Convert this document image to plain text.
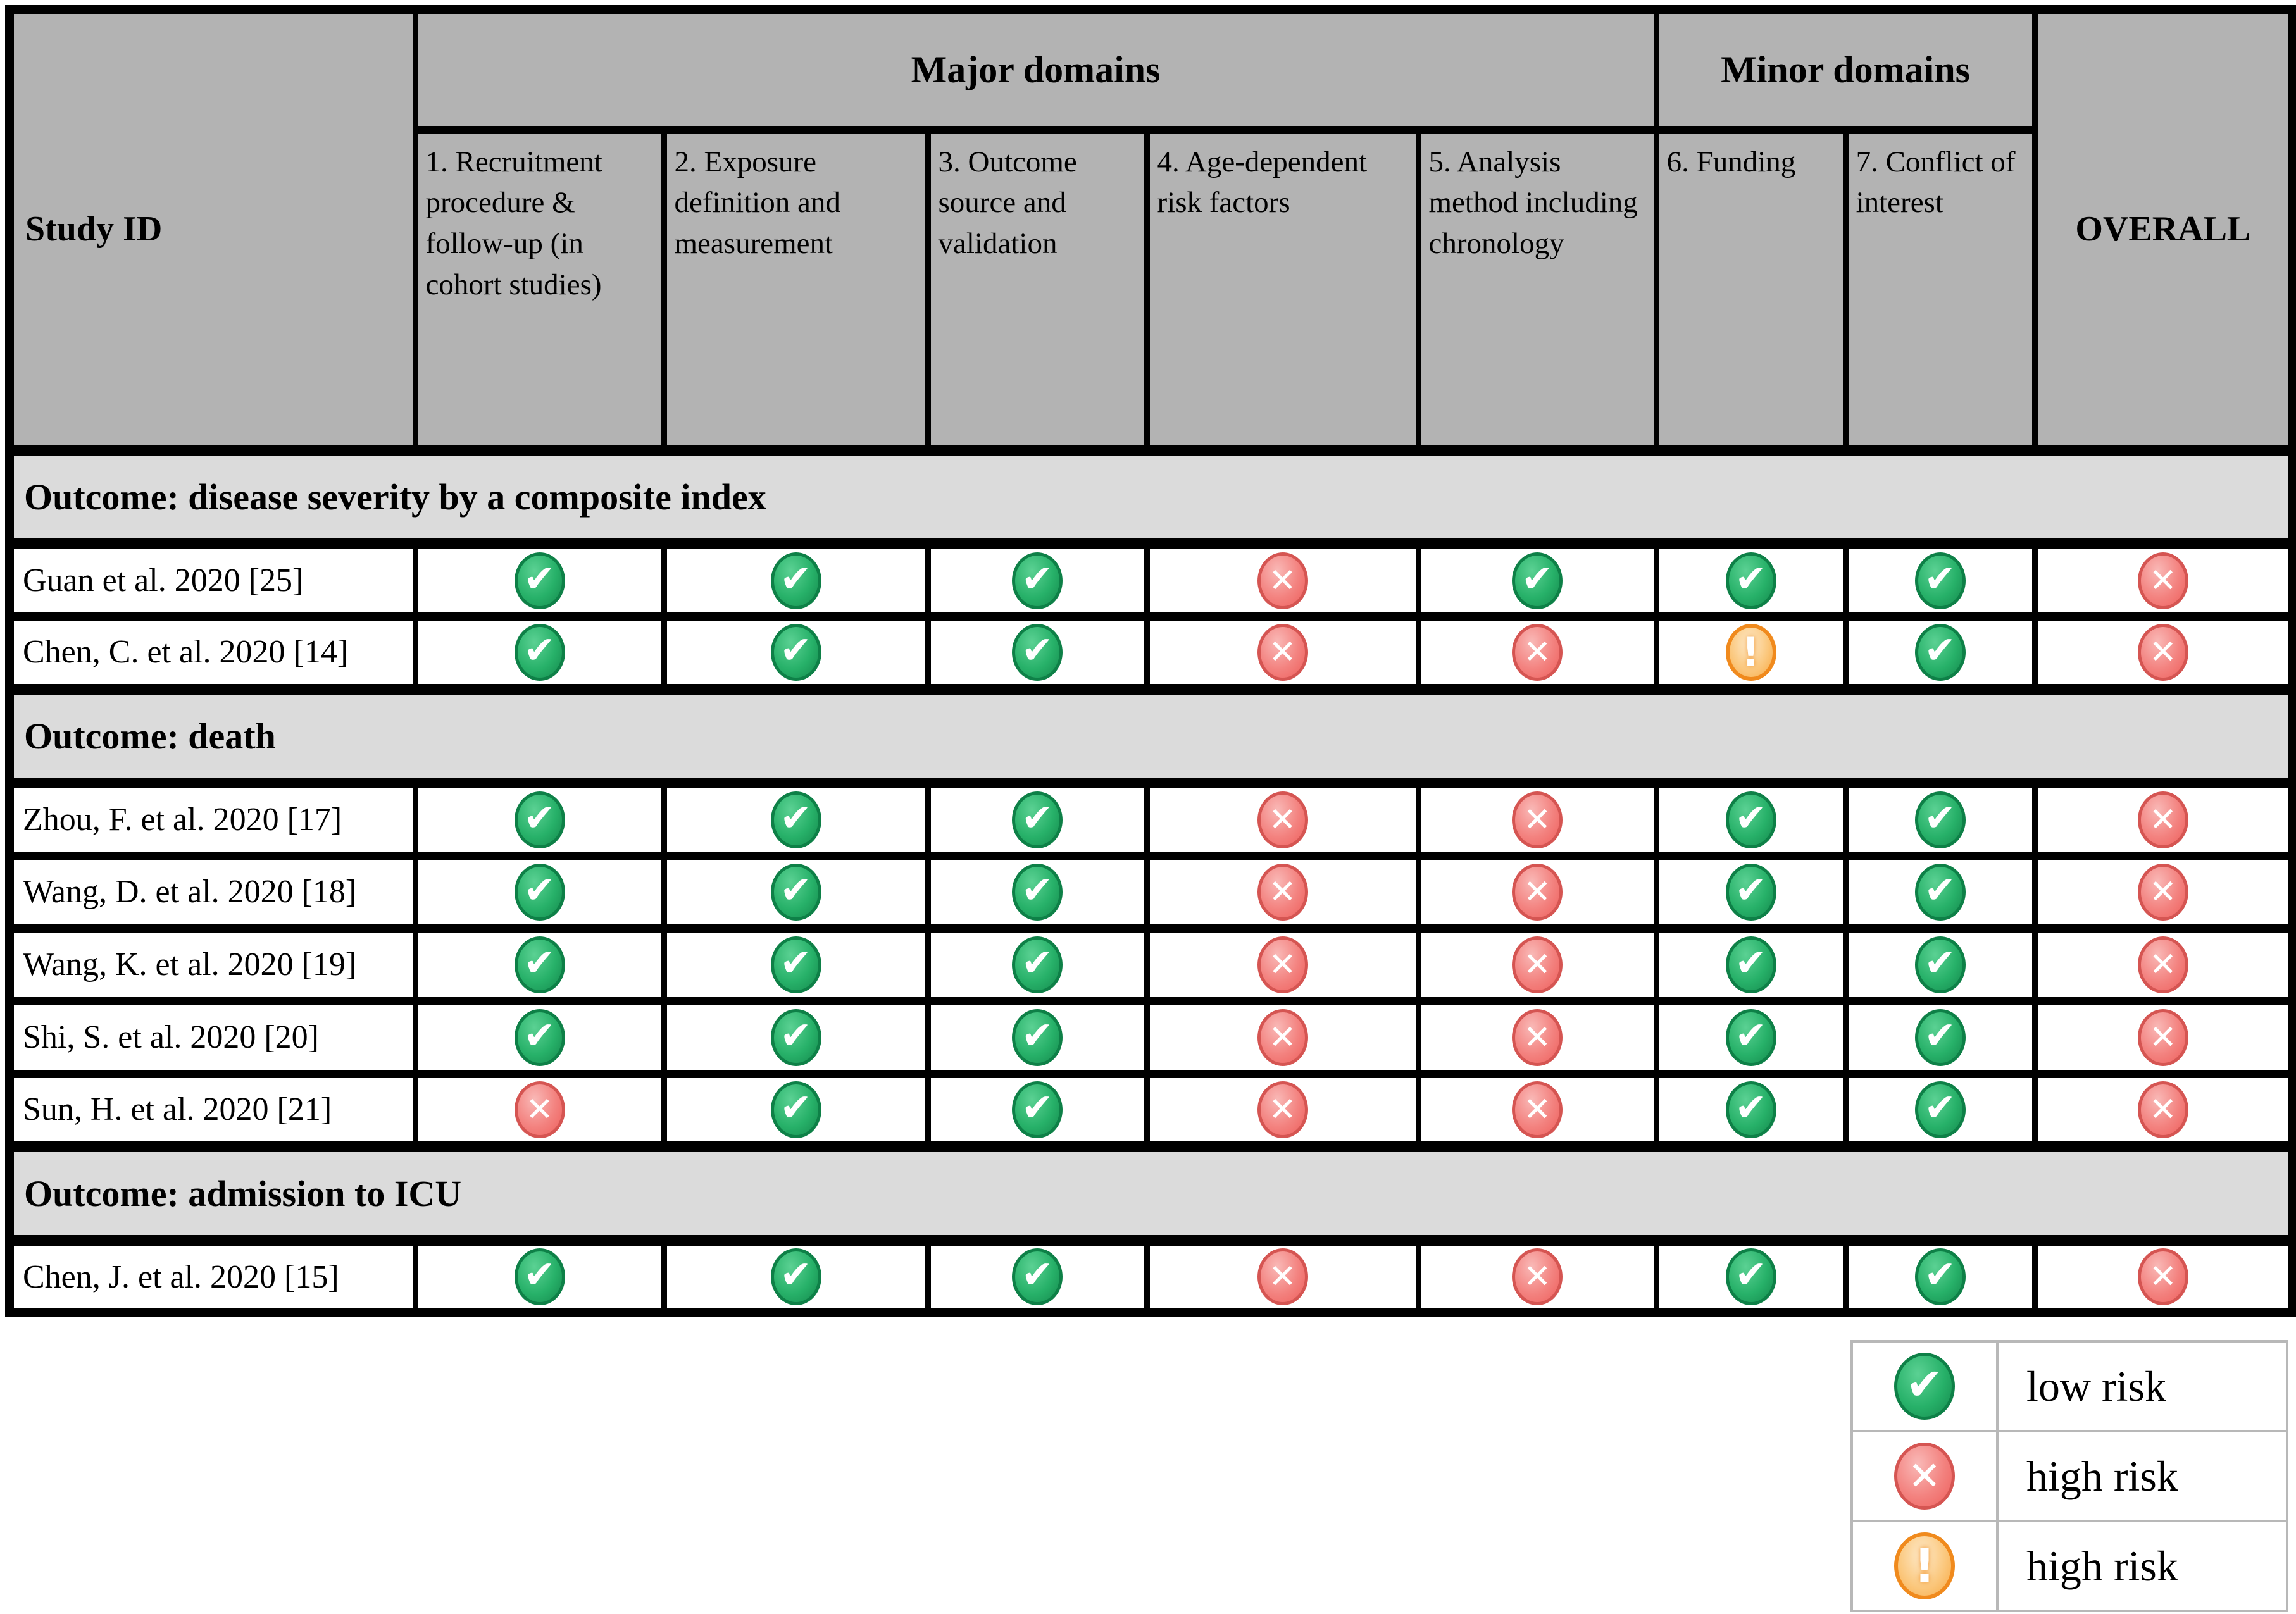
Study ID	Major domains					Minor domains		OVERALL
	1. Recruitment procedure & follow-up (in cohort studies)	2. Exposure definition and measurement	3. Outcome source and validation	4. Age-dependent risk factors	5. Analysis method including chronology	6. Funding	7. Conflict of interest	
Outcome: disease severity by a composite index								
Guan et al. 2020 [25]	✔	✔	✔	✕	✔	✔	✔	✕

Chen, C. et al. 2020 [14]	✔	✔	✔	✕	✕	!	✔	✕

Outcome: death								
Zhou, F. et al. 2020 [17]	✔	✔	✔	✕	✕	✔	✔	✕

Wang, D. et al. 2020 [18]	✔	✔	✔	✕	✕	✔	✔	✕

Wang, K. et al. 2020 [19]	✔	✔	✔	✕	✕	✔	✔	✕

Shi, S. et al. 2020 [20]	✔	✔	✔	✕	✕	✔	✔	✕

Sun, H. et al. 2020 [21]	✕	✔	✔	✕	✕	✔	✔	✕

Outcome: admission to ICU								
Chen, J. et al. 2020 [15]	✔	✔	✔	✕	✕	✔	✔	✕
✔	low risk

✕	high risk

!	high risk
